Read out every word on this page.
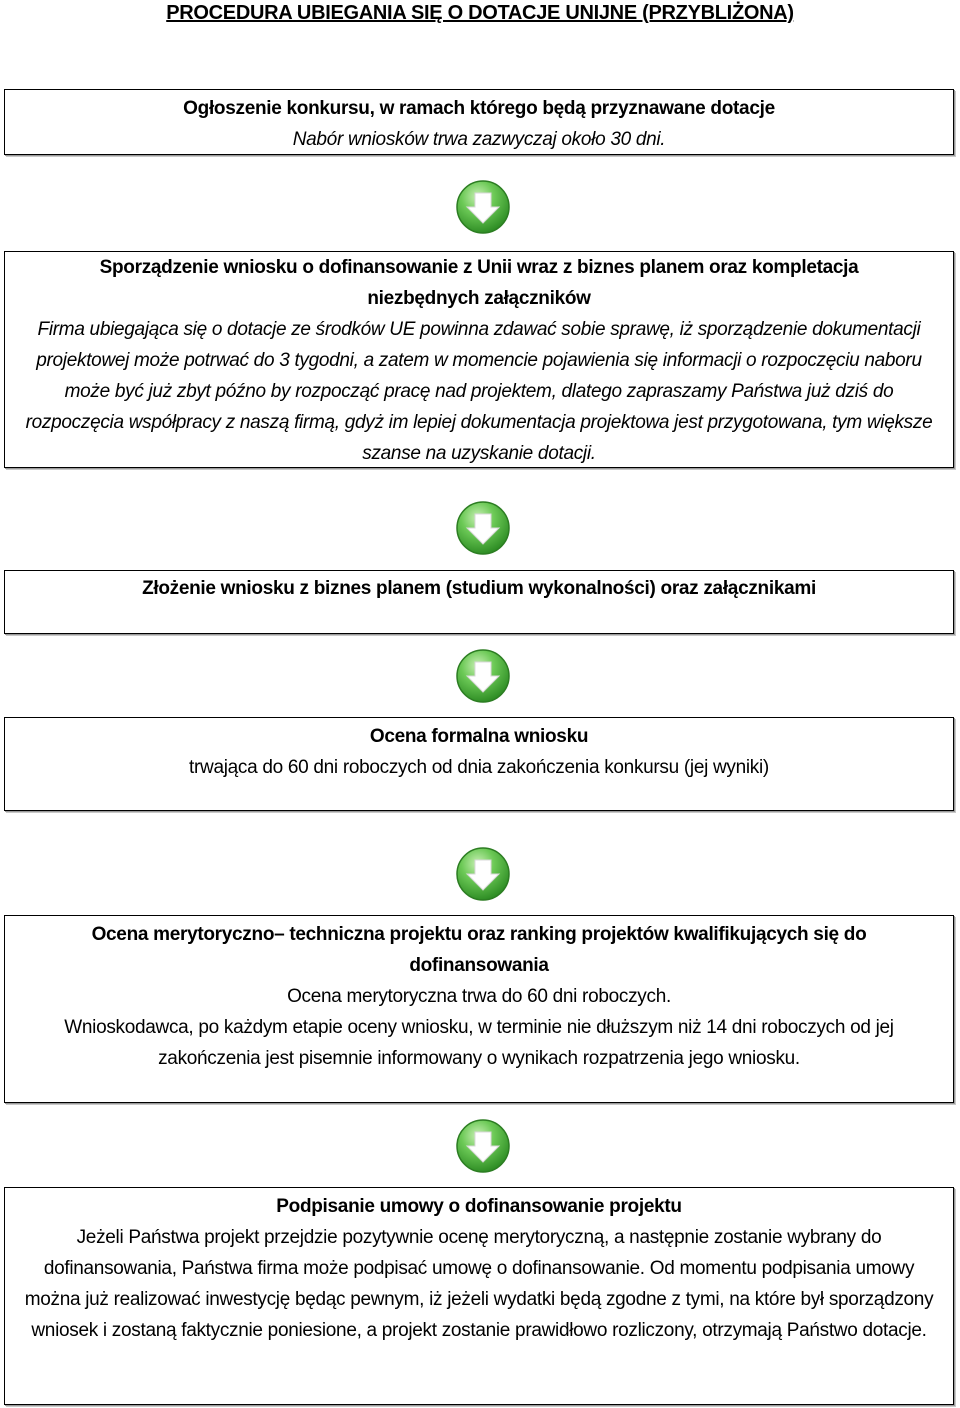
PROCEDURA UBIEGANIA SIĘ O DOTACJE UNIJNE (PRZYBLIŻONA)
Ogłoszenie konkursu, w ramach którego będą przyznawane dotacje
Nabór wniosków trwa zazwyczaj około 30 dni.
Sporządzenie wniosku o dofinansowanie z Unii wraz z biznes planem oraz kompletacja niezbędnych załączników
Firma ubiegająca się o dotacje ze środków UE powinna zdawać sobie sprawę, iż sporządzenie dokumentacji projektowej może potrwać do 3 tygodni, a zatem w momencie pojawienia się informacji o rozpoczęciu naboru może być już zbyt późno by rozpocząć pracę nad projektem, dlatego zapraszamy Państwa już dziś do rozpoczęcia współpracy z naszą firmą, gdyż im lepiej dokumentacja projektowa jest przygotowana, tym większe szanse na uzyskanie dotacji.
Złożenie wniosku z biznes planem (studium wykonalności) oraz załącznikami
Ocena formalna wniosku
trwająca do 60 dni roboczych od dnia zakończenia konkursu (jej wyniki)
Ocena merytoryczno– techniczna projektu oraz ranking projektów kwalifikujących się do dofinansowania
Ocena merytoryczna trwa do 60 dni roboczych.
Wnioskodawca, po każdym etapie oceny wniosku, w terminie nie dłuższym niż 14 dni roboczych od jej zakończenia jest pisemnie informowany o wynikach rozpatrzenia jego wniosku.
Podpisanie umowy o dofinansowanie projektu
Jeżeli Państwa projekt przejdzie pozytywnie ocenę merytoryczną, a następnie zostanie wybrany do dofinansowania, Państwa firma może podpisać umowę o dofinansowanie. Od momentu podpisania umowy można już realizować inwestycję będąc pewnym, iż jeżeli wydatki będą zgodne z tymi, na które był sporządzony wniosek i zostaną faktycznie poniesione, a projekt zostanie prawidłowo rozliczony, otrzymają Państwo dotacje.
